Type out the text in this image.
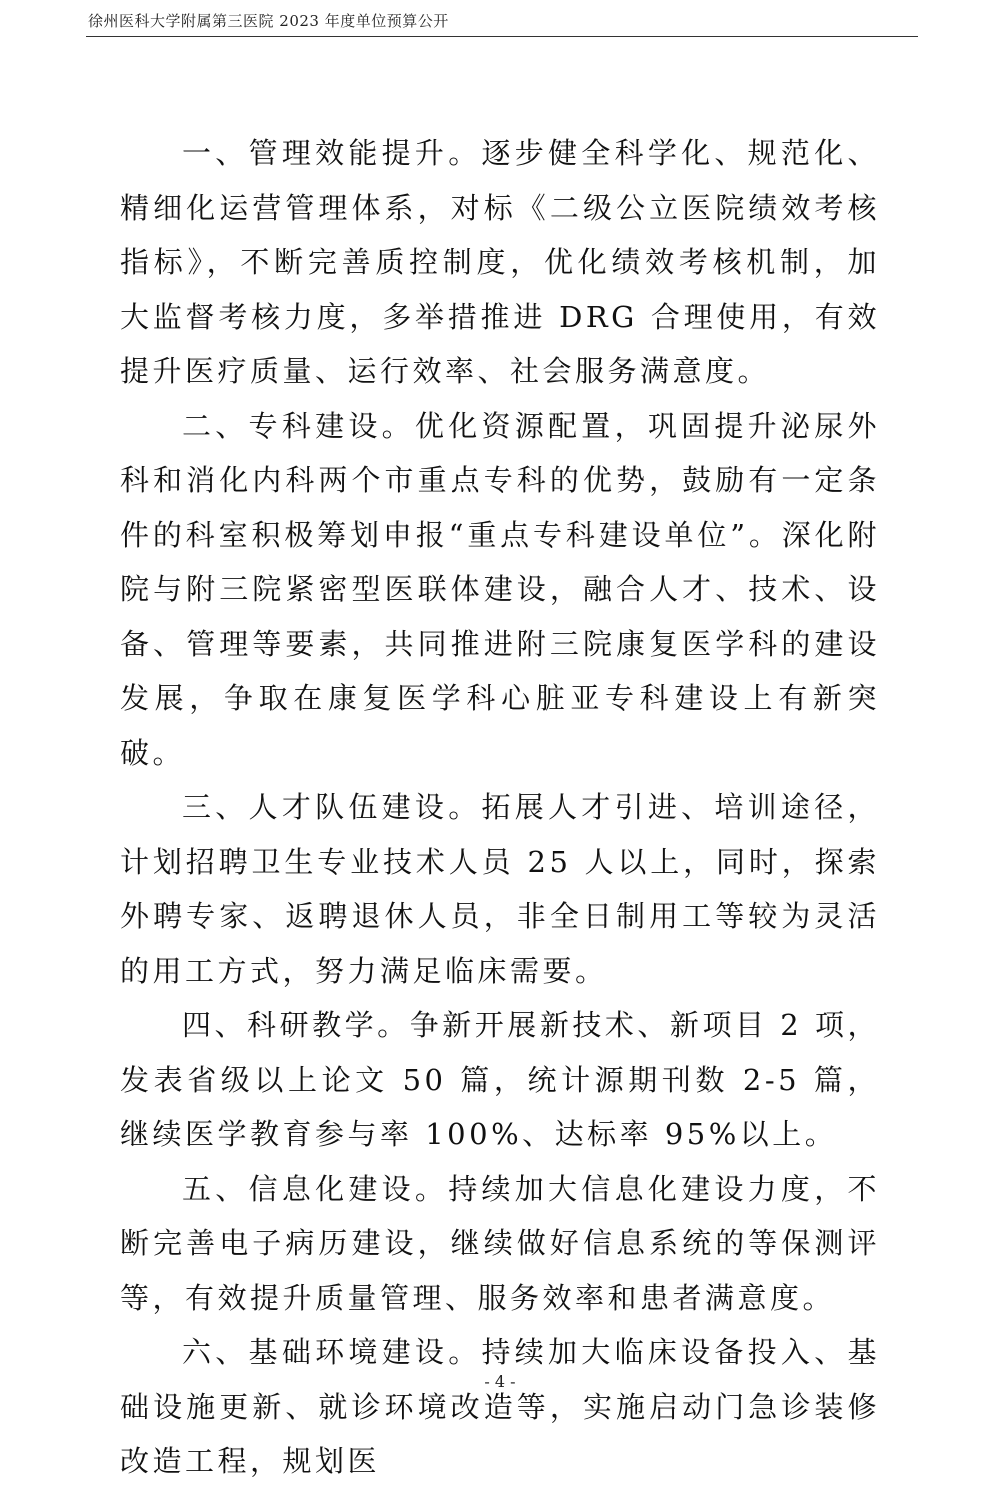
徐州医科大学附属第三医院 2023 年度单位预算公开

一、管理效能提升。逐步健全科学化、规范化、精细化运营管理体系，对标《二级公立医院绩效考核指标》，不断完善质控制度，优化绩效考核机制，加大监督考核力度，多举措推进 DRG 合理使用，有效提升医疗质量、运行效率、社会服务满意度。

二、专科建设。优化资源配置，巩固提升泌尿外科和消化内科两个市重点专科的优势，鼓励有一定条件的科室积极筹划申报“重点专科建设单位”。深化附院与附三院紧密型医联体建设，融合人才、技术、设备、管理等要素，共同推进附三院康复医学科的建设发展，争取在康复医学科心脏亚专科建设上有新突破。

三、人才队伍建设。拓展人才引进、培训途径，计划招聘卫生专业技术人员 25 人以上，同时，探索外聘专家、返聘退休人员，非全日制用工等较为灵活的用工方式，努力满足临床需要。

四、科研教学。争新开展新技术、新项目 2 项，发表省级以上论文 50 篇，统计源期刊数 2-5 篇，继续医学教育参与率 100%、达标率 95%以上。

五、信息化建设。持续加大信息化建设力度，不断完善电子病历建设，继续做好信息系统的等保测评等，有效提升质量管理、服务效率和患者满意度。

六、基础环境建设。持续加大临床设备投入、基础设施更新、就诊环境改造等，实施启动门急诊装修改造工程，规划医

- 4 -
